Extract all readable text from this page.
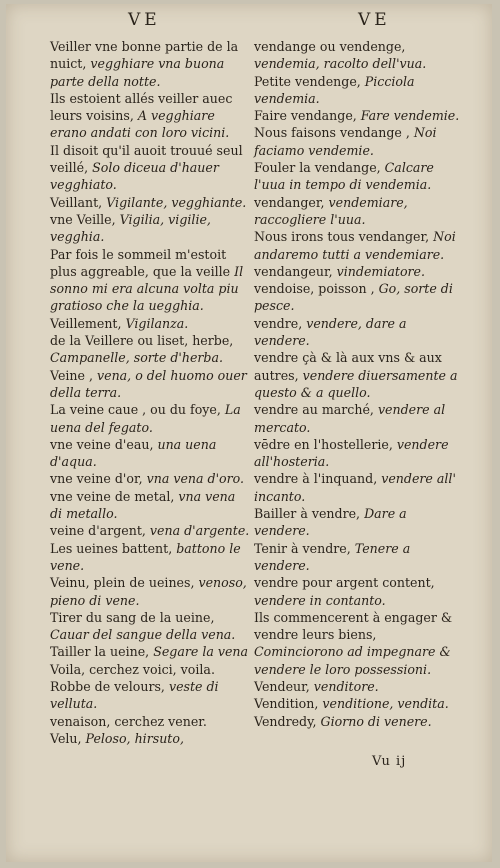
VE	VE

Veiller vne bonne partie de la nuict, vegghiare vna buona parte della notte.

Ils estoient allés veiller auec leurs voisins, A vegghiare erano andati con loro vicini.

Il disoit qu'il auoit trouué seul veillé, Solo diceua d'hauer vegghiato.

Veillant, Vigilante, vegghiante.

vne Veille, Vigilia, vigilie, vegghia.

Par fois le sommeil m'estoit plus aggreable, que la veille Il sonno mi era alcuna volta piu gratioso che la uegghia.

Veillement, Vigilanza.

de la Veillere ou liset, herbe, Campanelle, sorte d'herba.

Veine , vena, o del huomo ouer della terra.

La veine caue , ou du foye, La uena del fegato.

vne veine d'eau, una uena d'aqua.

vne veine d'or, vna vena d'oro.

vne veine de metal, vna vena di metallo.

veine d'argent, vena d'argente.

Les ueines battent, battono le vene.

Veinu, plein de ueines, venoso, pieno di vene.

Tirer du sang de la ueine, Cauar del sangue della vena.

Tailler la ueine, Segare la vena

Voila, cerchez voici, voila.

Robbe de velours, veste di velluta.

venaison, cerchez vener.

Velu, Peloso, hirsuto,

vendange ou vendenge, vendemia, racolto dell'vua.

Petite vendenge, Picciola vendemia.

Faire vendange, Fare vendemie.

Nous faisons vendange , Noi faciamo vendemie.

Fouler la vendange, Calcare l'uua in tempo di vendemia.

vendanger, vendemiare, raccogliere l'uua.

Nous irons tous vendanger, Noi andaremo tutti a vendemiare.

vendangeur, vindemiatore.

vendoise, poisson , Go, sorte di pesce.

vendre, vendere, dare a vendere.

vendre çà & là aux vns & aux autres, vendere diuersamente a questo & a quello.

vendre au marché, vendere al mercato.

vēdre en l'hostellerie, vendere all'hosteria.

vendre à l'inquand, vendere all' incanto.

Bailler à vendre, Dare a vendere.

Tenir à vendre, Tenere a vendere.

vendre pour argent content, vendere in contanto.

Ils commencerent à engager & vendre leurs biens, Cominciorono ad impegnare & vendere le loro possessioni.

Vendeur, venditore.

Vendition, venditione, vendita.

Vendredy, Giorno di venere.

Vu ij
